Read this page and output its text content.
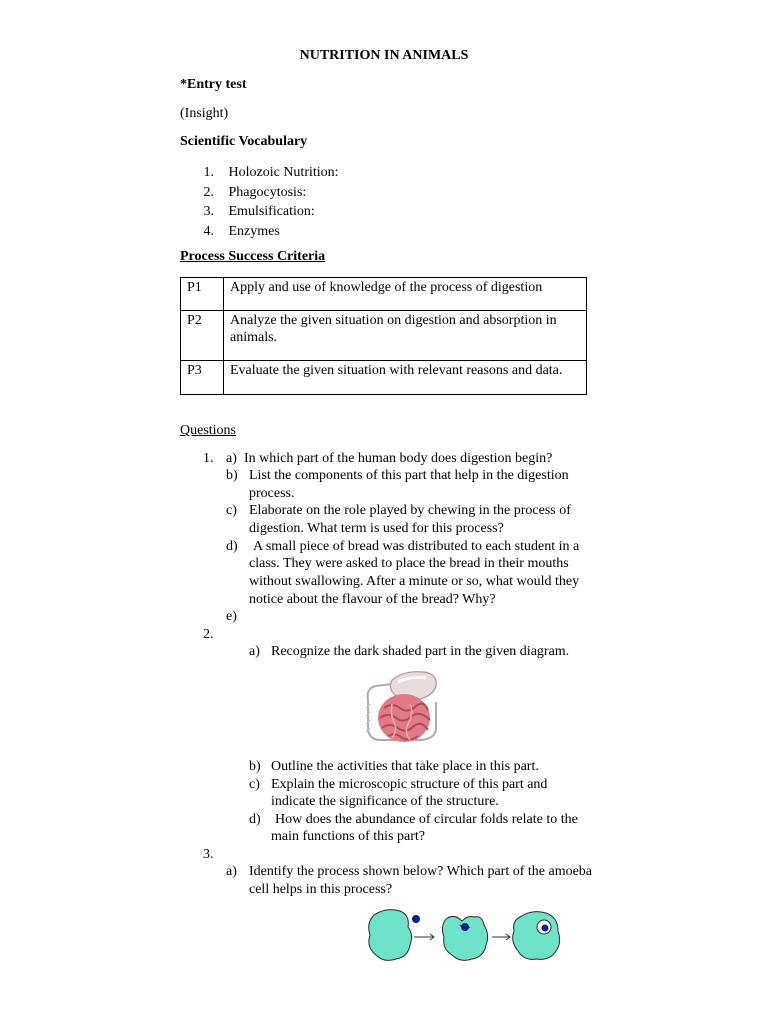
NUTRITION IN ANIMALS
*Entry test
(Insight)
Scientific Vocabulary
1. Holozoic Nutrition:
2. Phagocytosis:
3. Emulsification:
4. Enzymes
Process Success Criteria
P1	Apply and use of knowledge of the process of digestion
P2	Analyze the given situation on digestion and absorption in animals.
P3	Evaluate the given situation with relevant reasons and data.
Questions
1. a) In which part of the human body does digestion begin?
b) List the components of this part that help in the digestion
process.
c) Elaborate on the role played by chewing in the process of
digestion. What term is used for this process?
d) A small piece of bread was distributed to each student in a
class. They were asked to place the bread in their mouths
without swallowing. After a minute or so, what would they
notice about the flavour of the bread? Why?
e)
2.
a) Recognize the dark shaded part in the given diagram.
b) Outline the activities that take place in this part.
c) Explain the microscopic structure of this part and
indicate the significance of the structure.
d) How does the abundance of circular folds relate to the
main functions of this part?
3.
a) Identify the process shown below? Which part of the amoeba
cell helps in this process?
